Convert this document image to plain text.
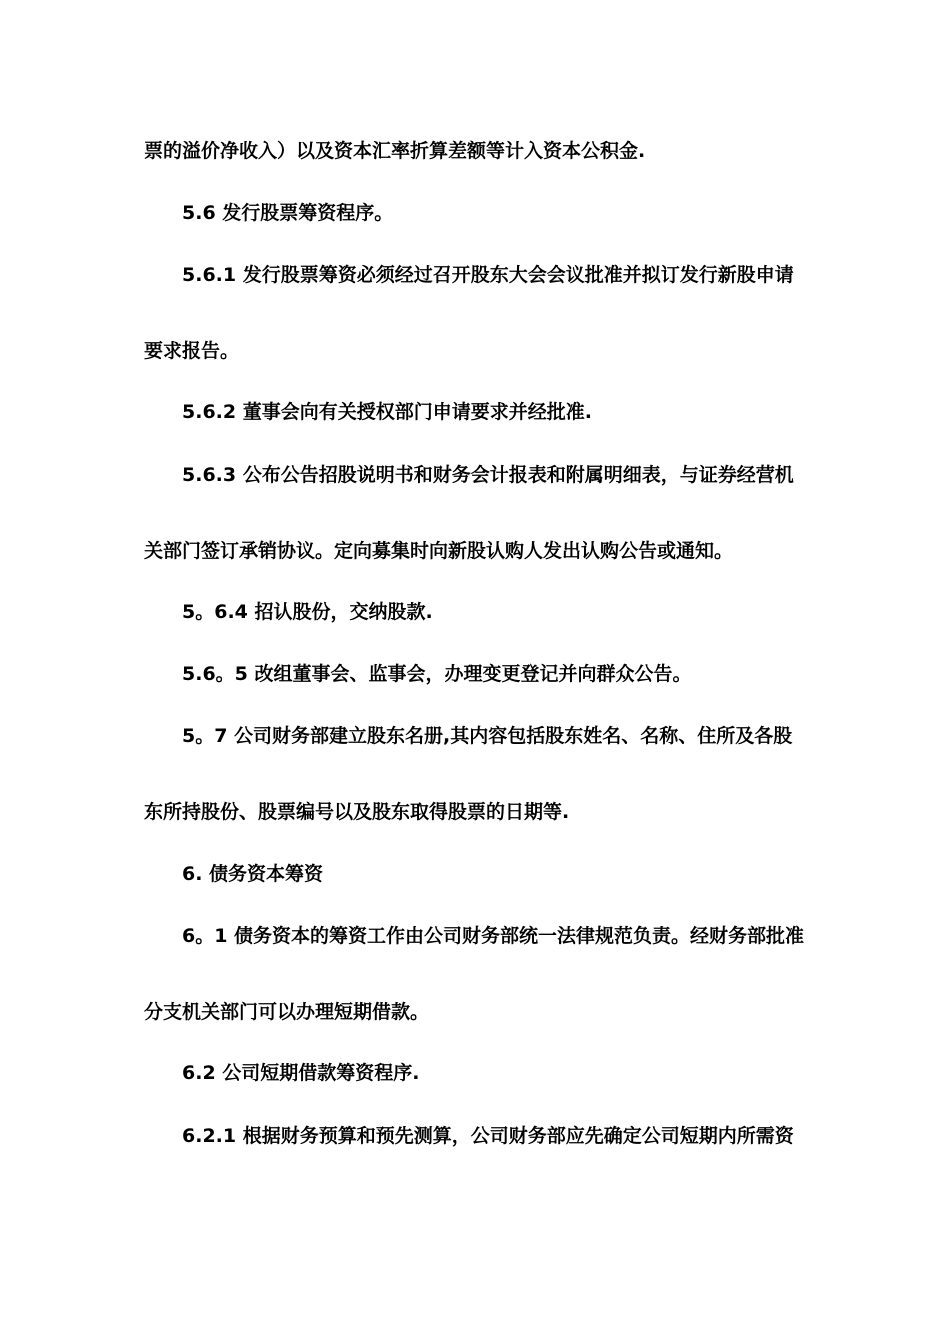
票的溢价净收入）以及资本汇率折算差额等计入资本公积金.
5.6 发行股票筹资程序。
5.6.1 发行股票筹资必须经过召开股东大会会议批准并拟订发行新股申请
要求报告。
5.6.2 董事会向有关授权部门申请要求并经批准.
5.6.3 公布公告招股说明书和财务会计报表和附属明细表，与证券经营机
关部门签订承销协议。定向募集时向新股认购人发出认购公告或通知。
5。6.4 招认股份，交纳股款.
5.6。5 改组董事会、监事会，办理变更登记并向群众公告。
5。7 公司财务部建立股东名册,其内容包括股东姓名、名称、住所及各股
东所持股份、股票编号以及股东取得股票的日期等.
6. 债务资本筹资
6。1 债务资本的筹资工作由公司财务部统一法律规范负责。经财务部批准
分支机关部门可以办理短期借款。
6.2 公司短期借款筹资程序.
6.2.1 根据财务预算和预先测算，公司财务部应先确定公司短期内所需资
